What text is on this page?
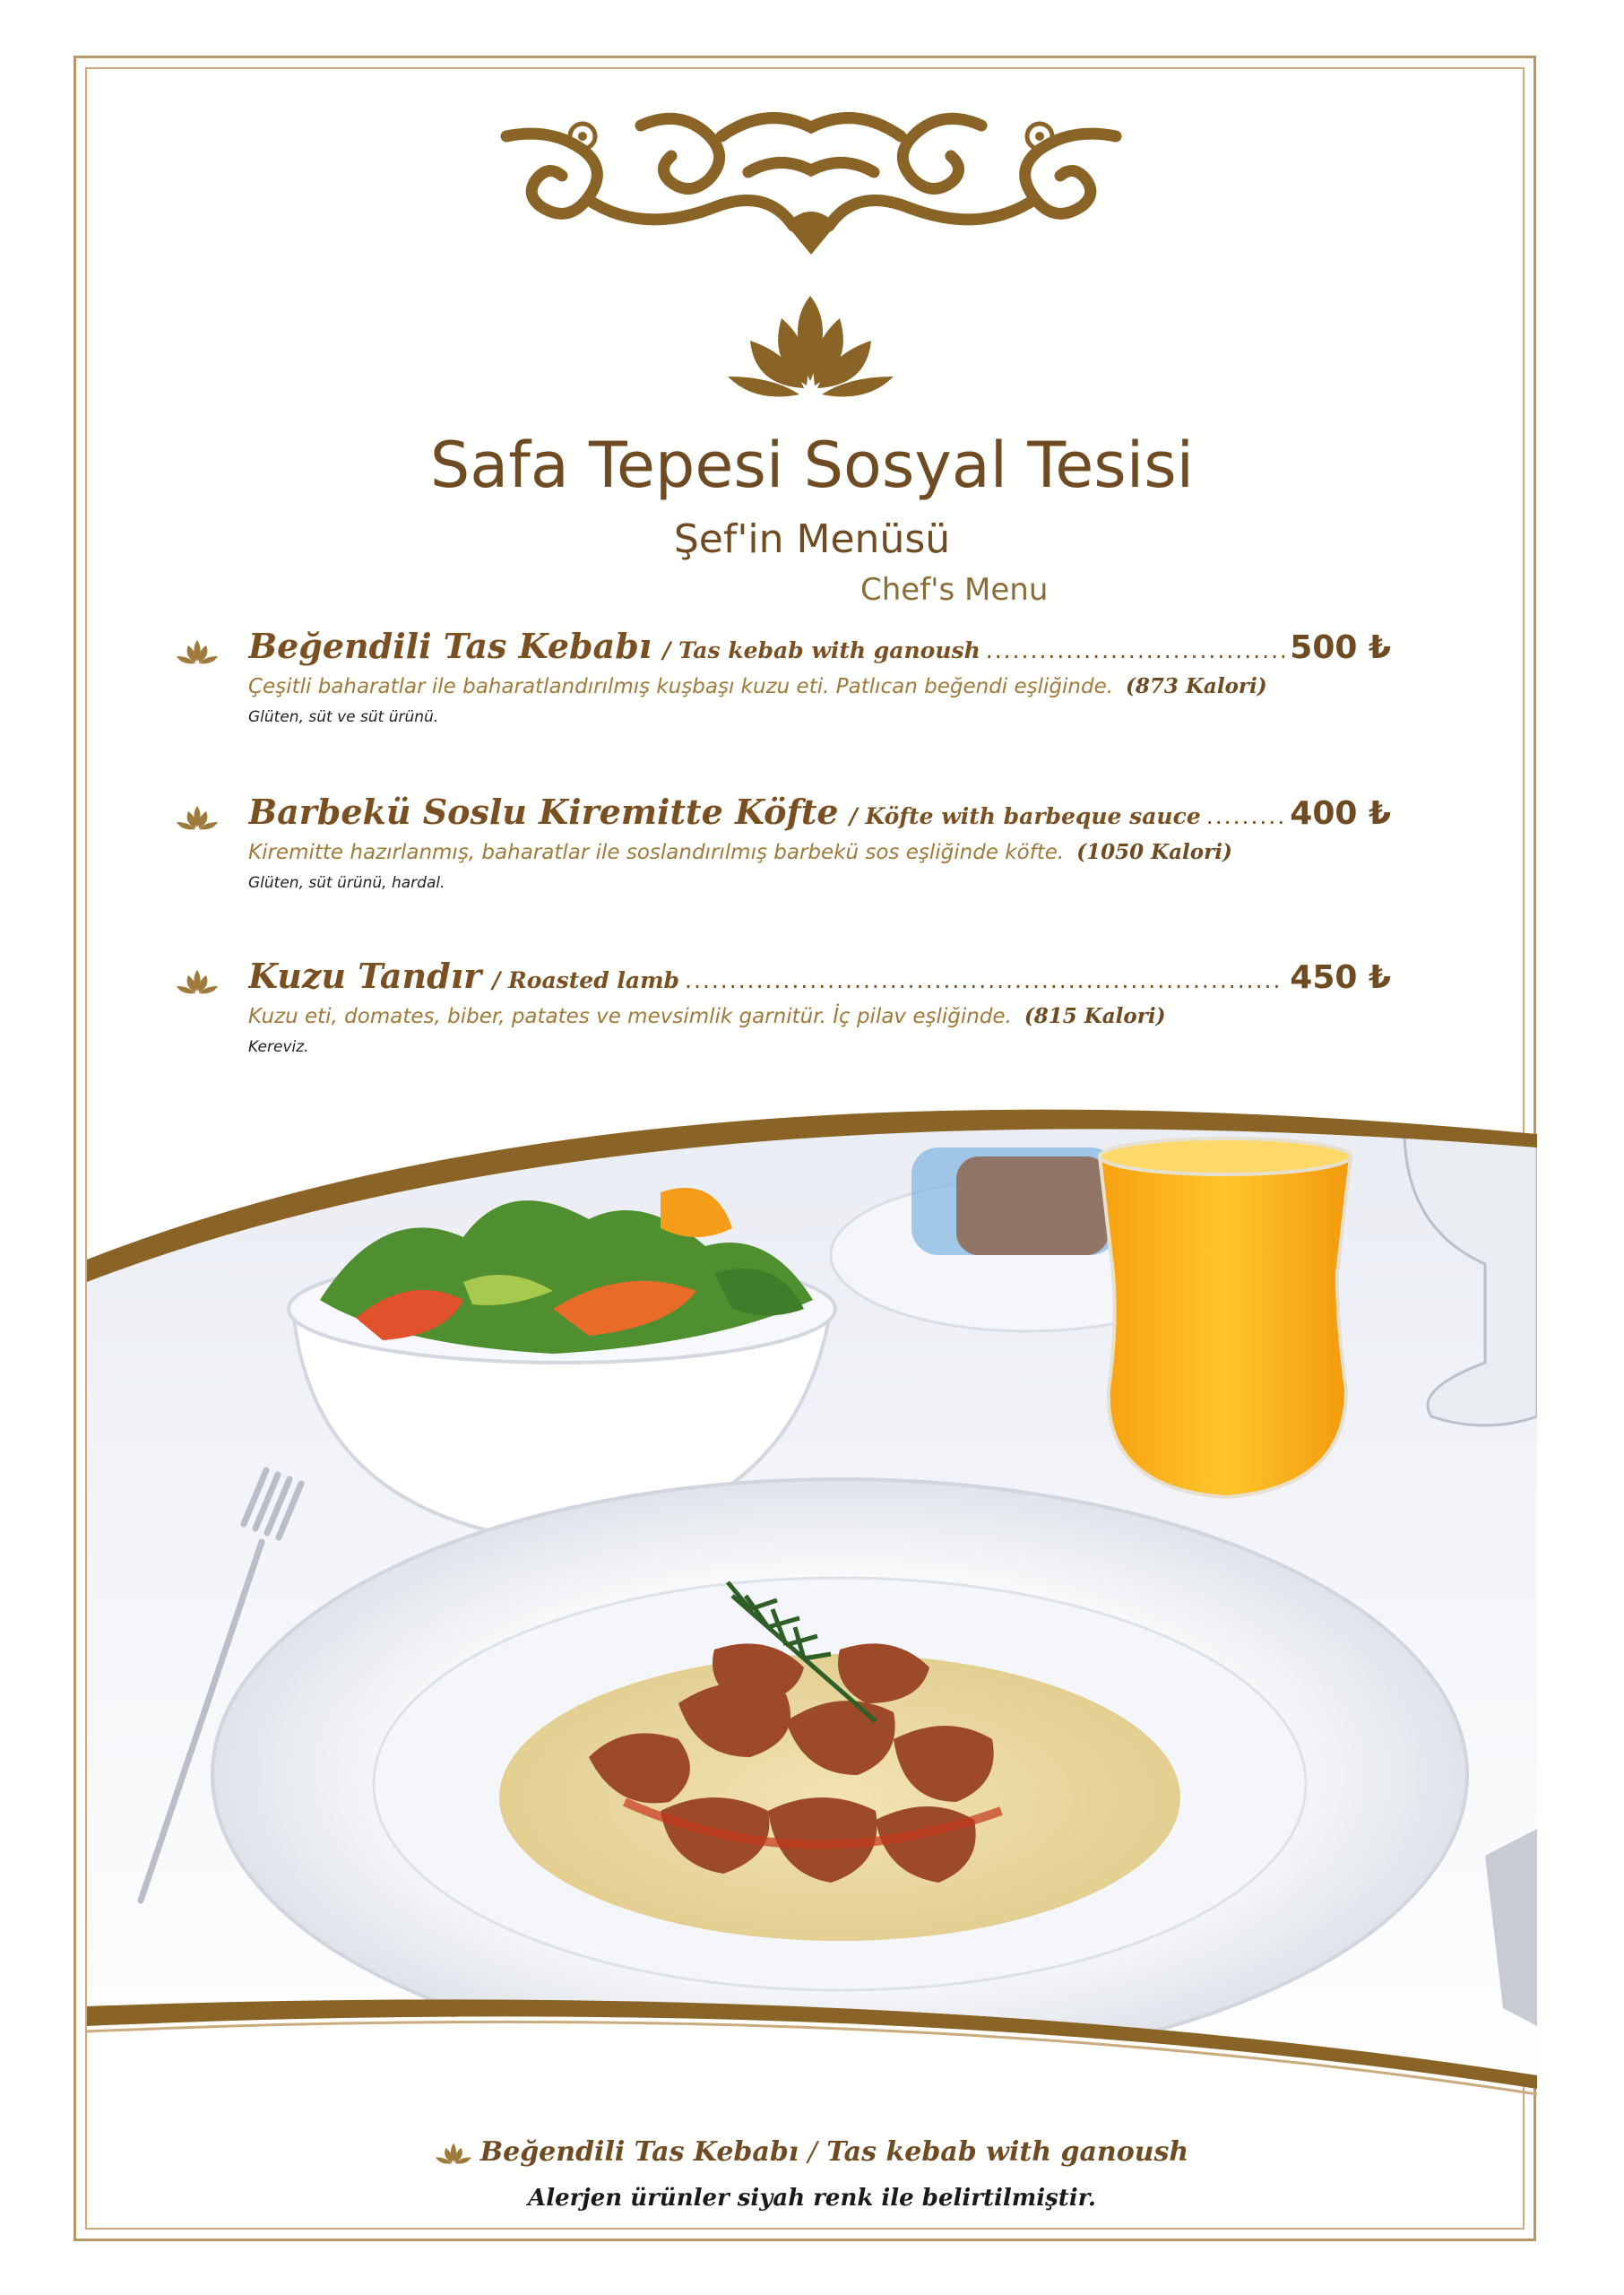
Safa Tepesi Sosyal Tesisi
Şef'in Menüsü
Chef's Menu
Beğendili Tas Kebabı / Tas kebab with ganoush .....	500 ₺
Çeşitli baharatlar ile baharatlandırılmış kuşbaşı kuzu eti. Patlıcan beğendi eşliğinde. (873 Kalori)
Glüten, süt ve süt ürünü.
Barbekü Soslu Kiremitte Köfte / Köfte with barbeque sauce .....	400 ₺
Kiremitte hazırlanmış, baharatlar ile soslandırılmış barbekü sos eşliğinde köfte. (1050 Kalori)
Glüten, süt ürünü, hardal.
Kuzu Tandır / Roasted lamb .....	450 ₺
Kuzu eti, domates, biber, patates ve mevsimlik garnitür. İç pilav eşliğinde. (815 Kalori)
Kereviz.
Beğendili Tas Kebabı / Tas kebab with ganoush
Alerjen ürünler siyah renk ile belirtilmiştir.
